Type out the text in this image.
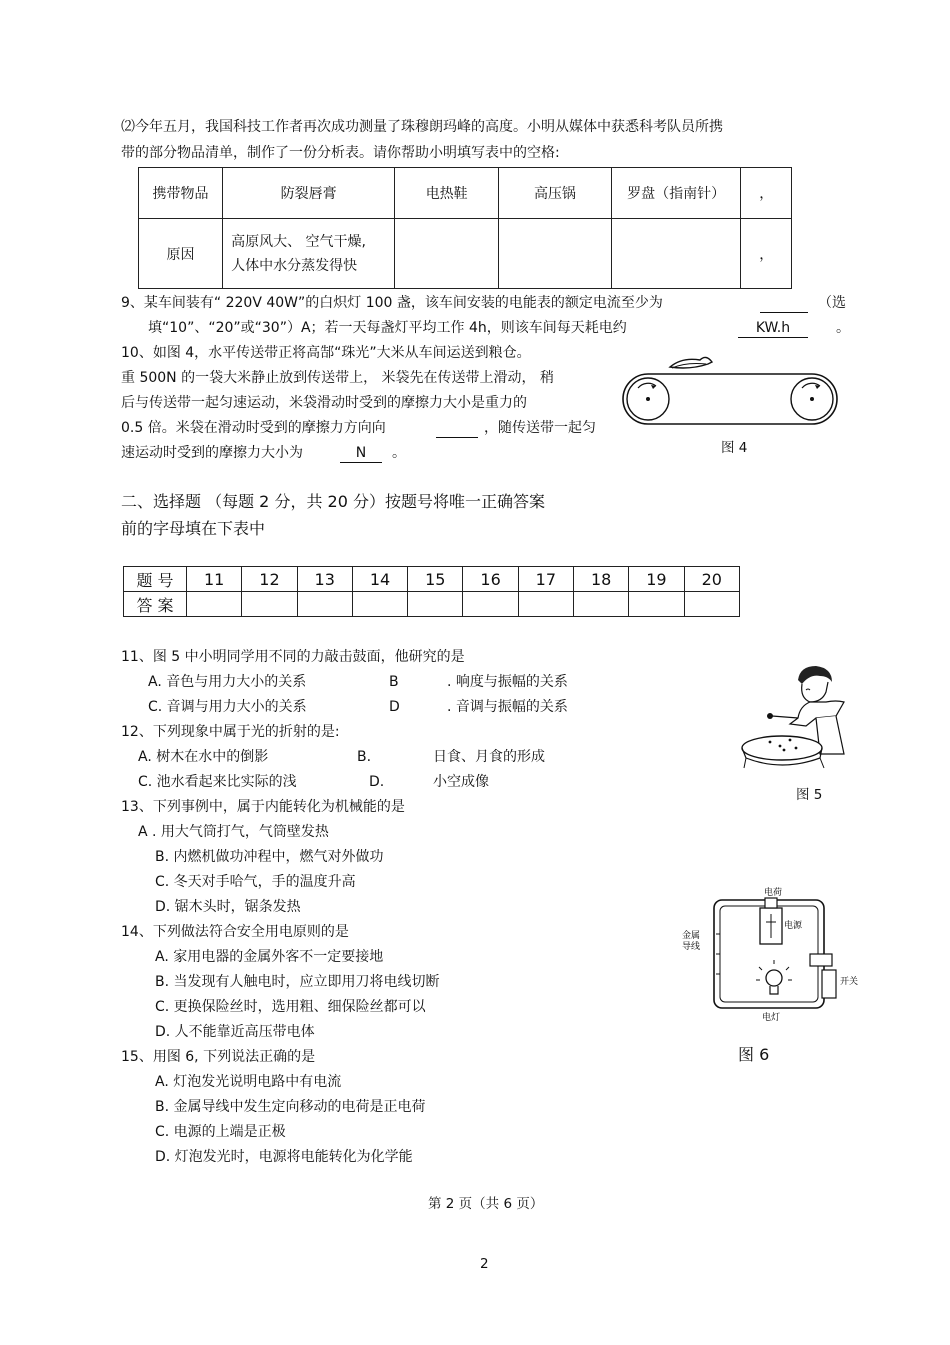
⑵今年五月，我国科技工作者再次成功测量了珠穆朗玛峰的高度。小明从媒体中获悉科考队员所携
带的部分物品清单，制作了一份分析表。请你帮助小明填写表中的空格:
携带物品	防裂唇膏	电热鞋	高压锅	罗盘（指南针）	，
原因	高原风大、 空气干燥,
人体中水分蒸发得快				，
9、某车间装有“ 220V 40W”的白炽灯 100 盏，该车间安装的电能表的额定电流至少为
	（选
填“10”、“20”或“30”）A；若一天每盏灯平均工作 4h，则该车间每天耗电约	KW.h	。
10、如图 4，水平传送带正将高郜“珠光”大米从车间运送到粮仓。
重 500N 的一袋大米静止放到传送带上， 米袋先在传送带上滑动， 稍
后与传送带一起匀速运动，米袋滑动时受到的摩擦力大小是重力的
0.5 倍。米袋在滑动时受到的摩擦力方向向
	，随传送带一起匀
速运动时受到的摩擦力大小为	N	。	图 4
二、选择题 （每题 2 分，共 20 分）按题号将唯一正确答案
前的字母填在下表中
题 号	11	12	13	14	15	16	17	18	19	20
答 案										
11、图 5 中小明同学用不同的力敲击鼓面，他研究的是
A. 音色与用力大小的关系	B	. 响度与振幅的关系
C. 音调与用力大小的关系	D	. 音调与振幅的关系
图 5
12、下列现象中属于光的折射的是:
A. 树木在水中的倒影	B.	日食、月食的形成
C. 池水看起来比实际的浅	D.	小空成像
13、下列事例中，属于内能转化为机械能的是
A . 用大气筒打气，气筒壁发热
B. 内燃机做功冲程中，燃气对外做功
C. 冬天对手哈气，手的温度升高
D. 锯木头时，锯条发热
14、下列做法符合安全用电原则的是
A. 家用电器的金属外客不一定要接地
B. 当发现有人触电时，应立即用刀将电线切断
C. 更换保险丝时，选用粗、细保险丝都可以
D. 人不能靠近高压带电体
电荷
电源
金属
导线
开关
电灯
图 6
15、用图 6, 下列说法正确的是
A. 灯泡发光说明电路中有电流
B. 金属导线中发生定向移动的电荷是正电荷
C. 电源的上端是正极
D. 灯泡发光时，电源将电能转化为化学能
第 2 页（共 6 页）
2
